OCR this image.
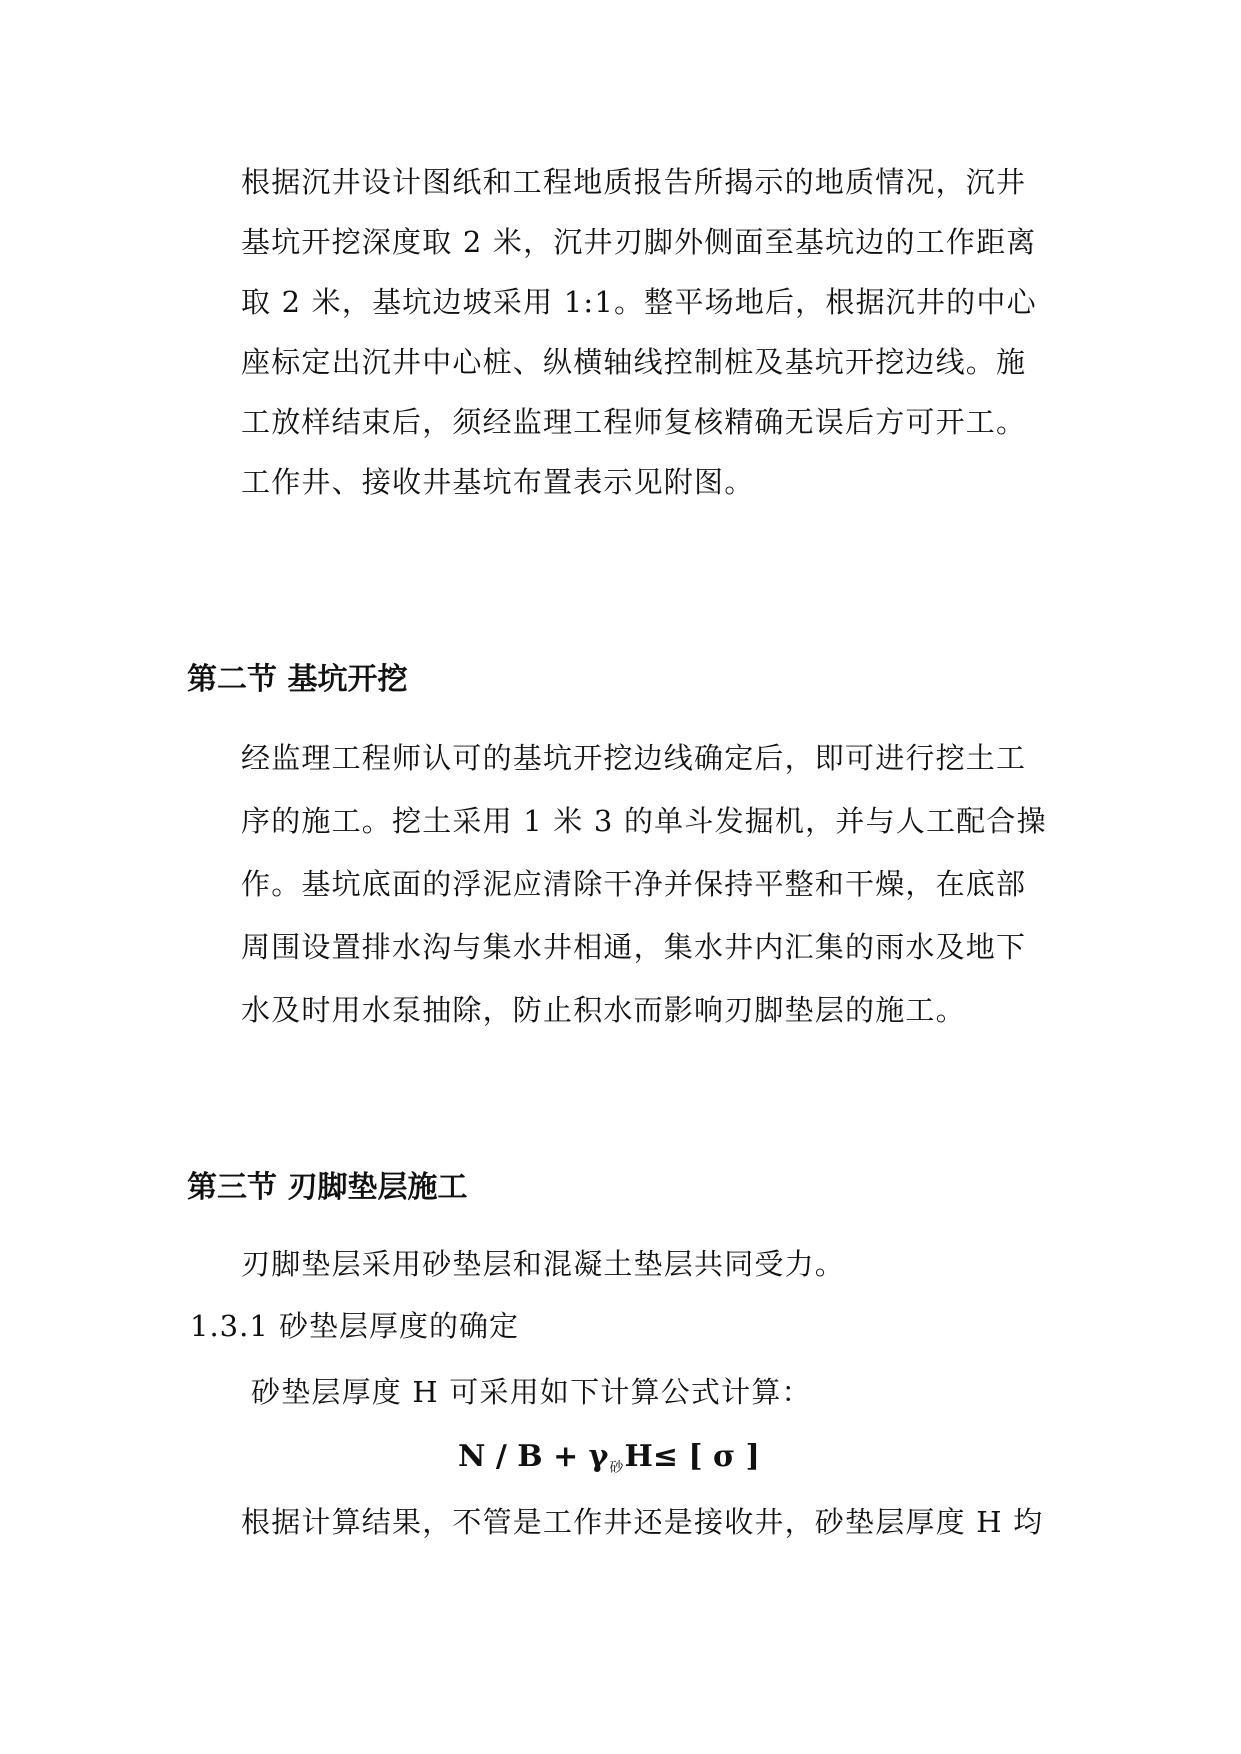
根据沉井设计图纸和工程地质报告所揭示的地质情况，沉井
基坑开挖深度取 2 米，沉井刃脚外侧面至基坑边的工作距离
取 2 米，基坑边坡采用 1:1。整平场地后，根据沉井的中心
座标定出沉井中心桩、纵横轴线控制桩及基坑开挖边线。施
工放样结束后，须经监理工程师复核精确无误后方可开工。
工作井、接收井基坑布置表示见附图。
第二节 基坑开挖
经监理工程师认可的基坑开挖边线确定后，即可进行挖土工
序的施工。挖土采用 1 米 3 的单斗发掘机，并与人工配合操
作。基坑底面的浮泥应清除干净并保持平整和干燥，在底部
周围设置排水沟与集水井相通，集水井内汇集的雨水及地下
水及时用水泵抽除，防止积水而影响刃脚垫层的施工。
第三节 刃脚垫层施工
刃脚垫层采用砂垫层和混凝土垫层共同受力。
1.3.1 砂垫层厚度的确定
砂垫层厚度 H 可采用如下计算公式计算：
$N / B + \gamma_砂H\le$ [ σ ]
根据计算结果，不管是工作井还是接收井，砂垫层厚度 H 均
